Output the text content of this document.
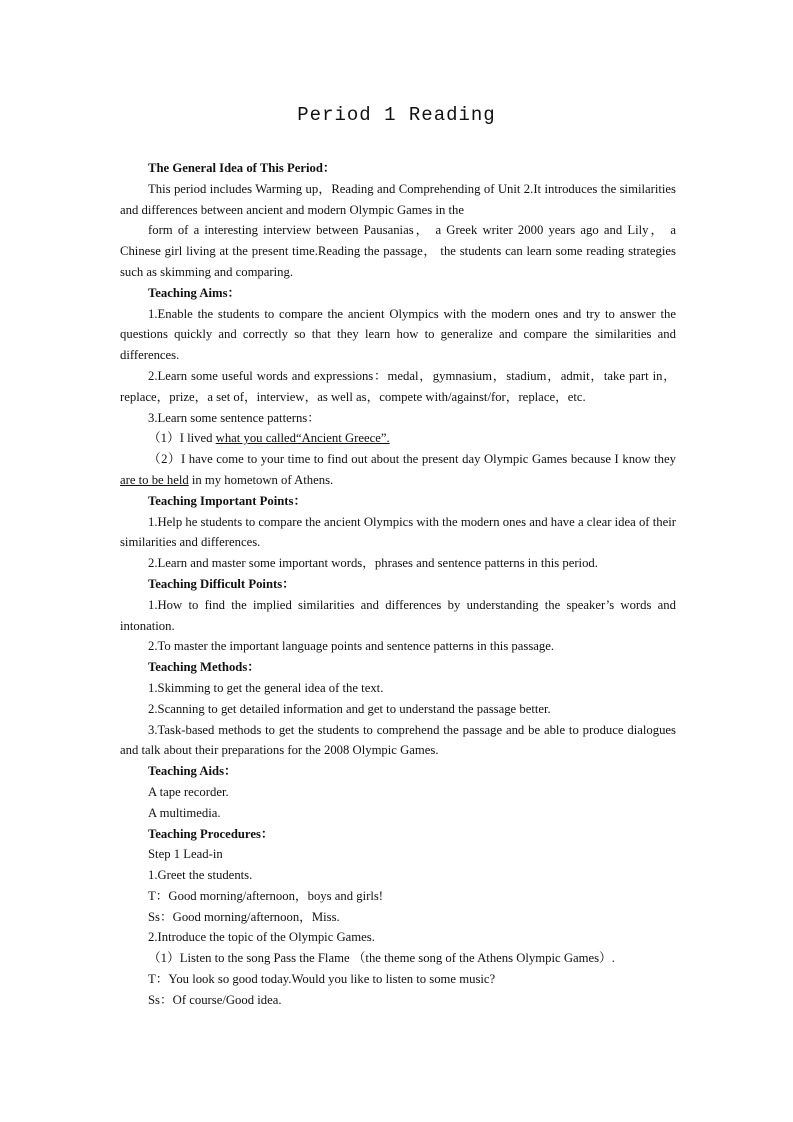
Period 1 Reading

The General Idea of This Period：

This period includes Warming up，Reading and Comprehending of Unit 2.It introduces the similarities and differences between ancient and modern Olympic Games in the

form of a interesting interview between Pausanias， a Greek writer 2000 years ago and Lily， a Chinese girl living at the present time.Reading the passage， the students can learn some reading strategies such as skimming and comparing.

Teaching Aims：

1.Enable the students to compare the ancient Olympics with the modern ones and try to answer the questions quickly and correctly so that they learn how to generalize and compare the similarities and differences.

2.Learn some useful words and expressions：medal，gymnasium，stadium，admit，take part in，replace，prize，a set of，interview，as well as，compete with/against/for，replace，etc.

3.Learn some sentence patterns：

（1）I lived what you called“Ancient Greece”.

（2）I have come to your time to find out about the present day Olympic Games because I know they are to be held in my hometown of Athens.

Teaching Important Points：

1.Help he students to compare the ancient Olympics with the modern ones and have a clear idea of their similarities and differences.

2.Learn and master some important words，phrases and sentence patterns in this period.

Teaching Difficult Points：

1.How to find the implied similarities and differences by understanding the speaker’s words and intonation.

2.To master the important language points and sentence patterns in this passage.

Teaching Methods：

1.Skimming to get the general idea of the text.

2.Scanning to get detailed information and get to understand the passage better.

3.Task-based methods to get the students to comprehend the passage and be able to produce dialogues and talk about their preparations for the 2008 Olympic Games.

Teaching Aids：

A tape recorder.

A multimedia.

Teaching Procedures：

Step 1 Lead-in

1.Greet the students.

T：Good morning/afternoon，boys and girls!

Ss：Good morning/afternoon，Miss.

2.Introduce the topic of the Olympic Games.

（1）Listen to the song Pass the Flame （the theme song of the Athens Olympic Games）.

T：You look so good today.Would you like to listen to some music?

Ss：Of course/Good idea.
